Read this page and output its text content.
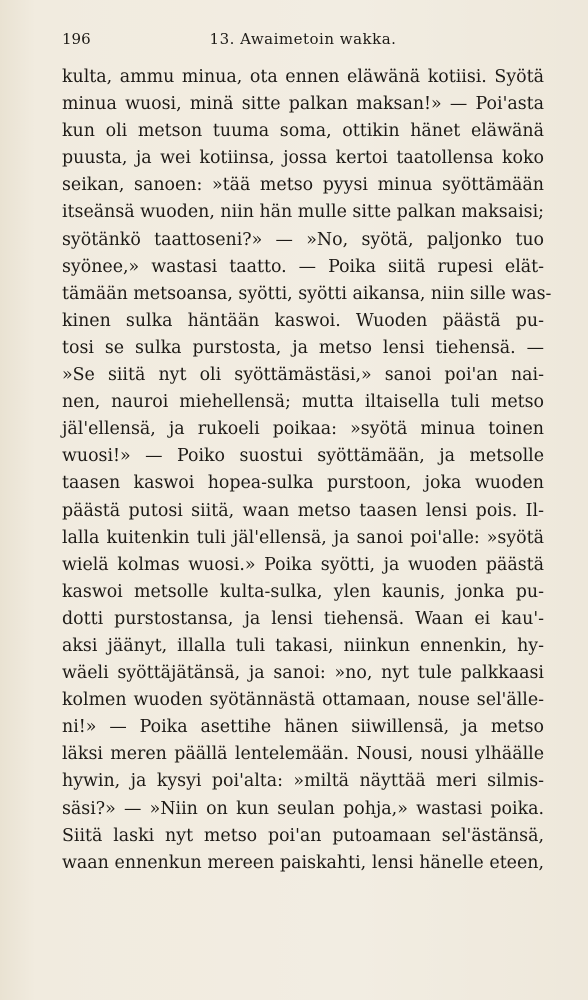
196	13. Awaimetoin wakka.
kulta, ammu minua, ota ennen eläwänä kotiisi. Syötä
minua wuosi, minä sitte palkan maksan!» — Poi'asta
kun oli metson tuuma soma, ottikin hänet eläwänä
puusta, ja wei kotiinsa, jossa kertoi taatollensa koko
seikan, sanoen: »tää metso pyysi minua syöttämään
itseänsä wuoden, niin hän mulle sitte palkan maksaisi;
syötänkö taattoseni?» — »No, syötä, paljonko tuo
syönee,» wastasi taatto. — Poika siitä rupesi elät-
tämään metsoansa, syötti, syötti aikansa, niin sille was-
kinen sulka häntään kaswoi. Wuoden päästä pu-
tosi se sulka purstosta, ja metso lensi tiehensä. —
»Se siitä nyt oli syöttämästäsi,» sanoi poi'an nai-
nen, nauroi miehellensä; mutta iltaisella tuli metso
jäl'ellensä, ja rukoeli poikaa: »syötä minua toinen
wuosi!» — Poiko suostui syöttämään, ja metsolle
taasen kaswoi hopea-sulka purstoon, joka wuoden
päästä putosi siitä, waan metso taasen lensi pois. Il-
lalla kuitenkin tuli jäl'ellensä, ja sanoi poi'alle: »syötä
wielä kolmas wuosi.» Poika syötti, ja wuoden päästä
kaswoi metsolle kulta-sulka, ylen kaunis, jonka pu-
dotti purstostansa, ja lensi tiehensä. Waan ei kau'-
aksi jäänyt, illalla tuli takasi, niinkun ennenkin, hy-
wäeli syöttäjätänsä, ja sanoi: »no, nyt tule palkkaasi
kolmen wuoden syötännästä ottamaan, nouse sel'älle-
ni!» — Poika asettihe hänen siiwillensä, ja metso
läksi meren päällä lentelemään. Nousi, nousi ylhäälle
hywin, ja kysyi poi'alta: »miltä näyttää meri silmis-
säsi?» — »Niin on kun seulan pohja,» wastasi poika.
Siitä laski nyt metso poi'an putoamaan sel'ästänsä,
waan ennenkun mereen paiskahti, lensi hänelle eteen,
